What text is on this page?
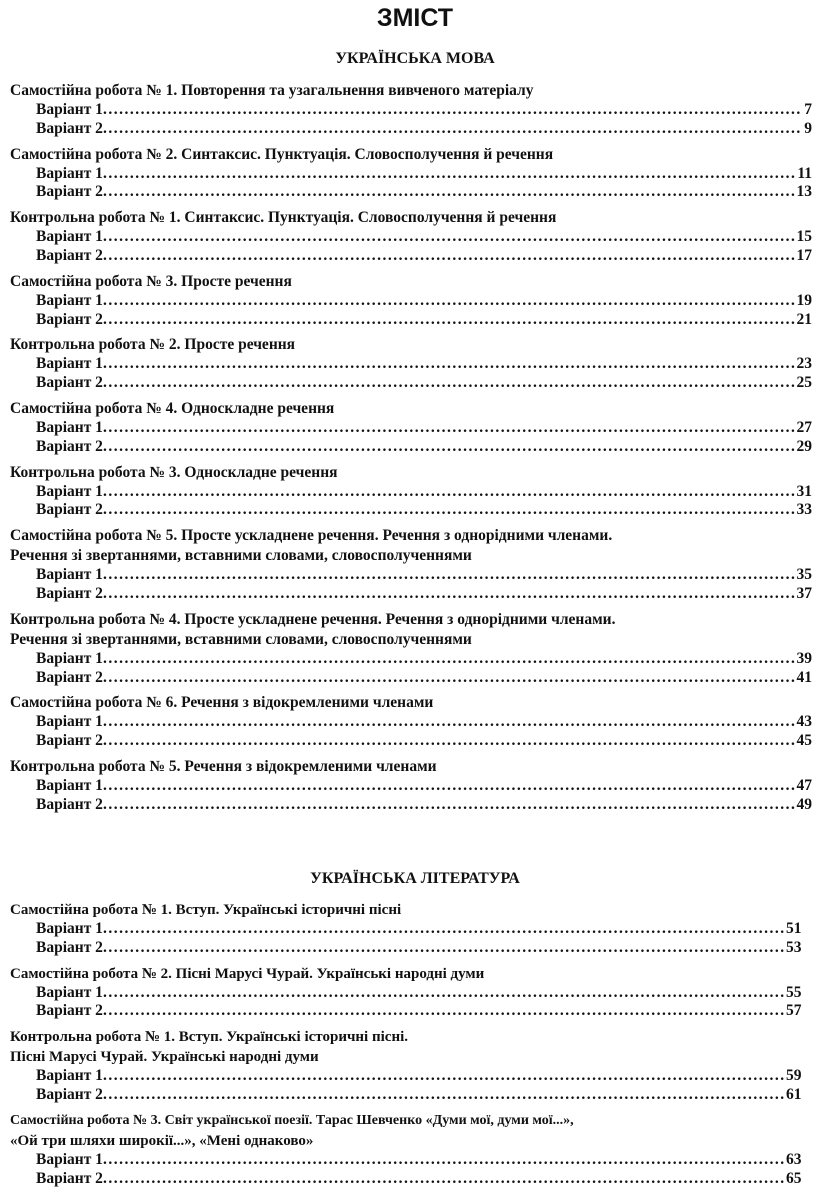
ЗМІСТ
УКРАЇНСЬКА МОВА
Самостійна робота № 1. Повторення та узагальнення вивченого матеріалу
Варіант 1 .....	7
Варіант 2 .....	9
Самостійна робота № 2. Синтаксис. Пунктуація. Словосполучення й речення
Варіант 1 .....	11
Варіант 2 .....	13
Контрольна робота № 1. Синтаксис. Пунктуація. Словосполучення й речення
Варіант 1 .....	15
Варіант 2 .....	17
Самостійна робота № 3. Просте речення
Варіант 1 .....	19
Варіант 2 .....	21
Контрольна робота № 2. Просте речення
Варіант 1 .....	23
Варіант 2 .....	25
Самостійна робота № 4. Односкладне речення
Варіант 1 .....	27
Варіант 2 .....	29
Контрольна робота № 3. Односкладне речення
Варіант 1 .....	31
Варіант 2 .....	33
Самостійна робота № 5. Просте ускладнене речення. Речення з однорідними членами.
Речення зі звертаннями, вставними словами, словосполученнями
Варіант 1 .....	35
Варіант 2 .....	37
Контрольна робота № 4. Просте ускладнене речення. Речення з однорідними членами.
Речення зі звертаннями, вставними словами, словосполученнями
Варіант 1 .....	39
Варіант 2 .....	41
Самостійна робота № 6. Речення з відокремленими членами
Варіант 1 .....	43
Варіант 2 .....	45
Контрольна робота № 5. Речення з відокремленими членами
Варіант 1 .....	47
Варіант 2 .....	49
УКРАЇНСЬКА ЛІТЕРАТУРА
Самостійна робота № 1. Вступ. Українські історичні пісні
Варіант 1 .....	51
Варіант 2 .....	53
Самостійна робота № 2. Пісні Марусі Чурай. Українські народні думи
Варіант 1 .....	55
Варіант 2 .....	57
Контрольна робота № 1. Вступ. Українські історичні пісні.
Пісні Марусі Чурай. Українські народні думи
Варіант 1 .....	59
Варіант 2 .....	61
Самостійна робота № 3. Світ української поезії. Тарас Шевченко «Думи мої, думи мої...»,
«Ой три шляхи широкії...», «Мені однаково»
Варіант 1 .....	63
Варіант 2 .....	65
